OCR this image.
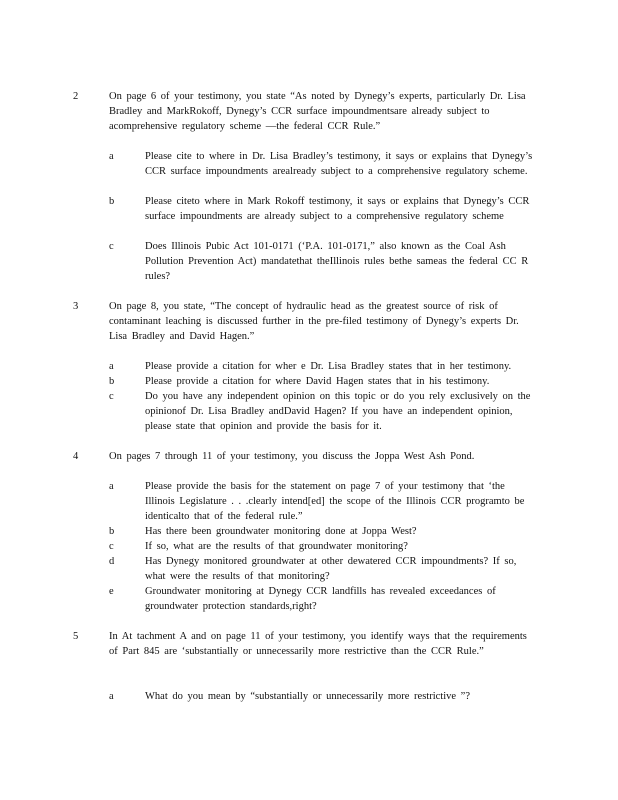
2	On page 6 of your testimony, you state “As noted by Dynegy’s experts, particularly Dr. Lisa Bradley and MarkRokoff, Dynegy’s CCR surface impoundmentsare already subject to acomprehensive regulatory scheme —the federal CCR Rule.”
a	Please cite to where in Dr. Lisa Bradley’s testimony, it says or explains that Dynegy’s CCR surface impoundments arealready subject to a comprehensive regulatory scheme.
b	Please citeto where in Mark Rokoff testimony, it says or explains that Dynegy’s CCR surface impoundments are already subject to a comprehensive regulatory scheme
c	Does Illinois Pubic Act 101-0171 (‘P.A. 101-0171,” also known as the Coal Ash Pollution Prevention Act) mandatethat theIllinois rules bethe sameas the federal CC R rules?
3	On page 8, you state, “The concept of hydraulic head as the greatest source of risk of contaminant leaching is discussed further in the pre-filed testimony of Dynegy’s experts Dr. Lisa Bradley and David Hagen.”
a	Please provide a citation for wher e Dr. Lisa Bradley states that in her testimony.
b	Please provide a citation for where David Hagen states that in his testimony.
c	Do you have any independent opinion on this topic or do you rely exclusively on the opinionof Dr. Lisa Bradley andDavid Hagen? If you have an independent opinion, please state that opinion and provide the basis for it.
4	On pages 7 through 11 of your testimony, you discuss the Joppa West Ash Pond.
a	Please provide the basis for the statement on page 7 of your testimony that ‘the Illinois Legislature . . .clearly intend[ed] the scope of the Illinois CCR programto be identicalto that of the federal rule.”
b	Has there been groundwater monitoring done at Joppa West?
c	If so, what are the results of that groundwater monitoring?
d	Has Dynegy monitored groundwater at other dewatered CCR impoundments? If so, what were the results of that monitoring?
e	Groundwater monitoring at Dynegy CCR landfills has revealed exceedances of groundwater protection standards,right?
5	In At tachment A and on page 11 of your testimony, you identify ways that the requirements of Part 845 are ‘substantially or unnecessarily more restrictive than the CCR Rule.”
a	What do you mean by “substantially or unnecessarily more restrictive ”?
